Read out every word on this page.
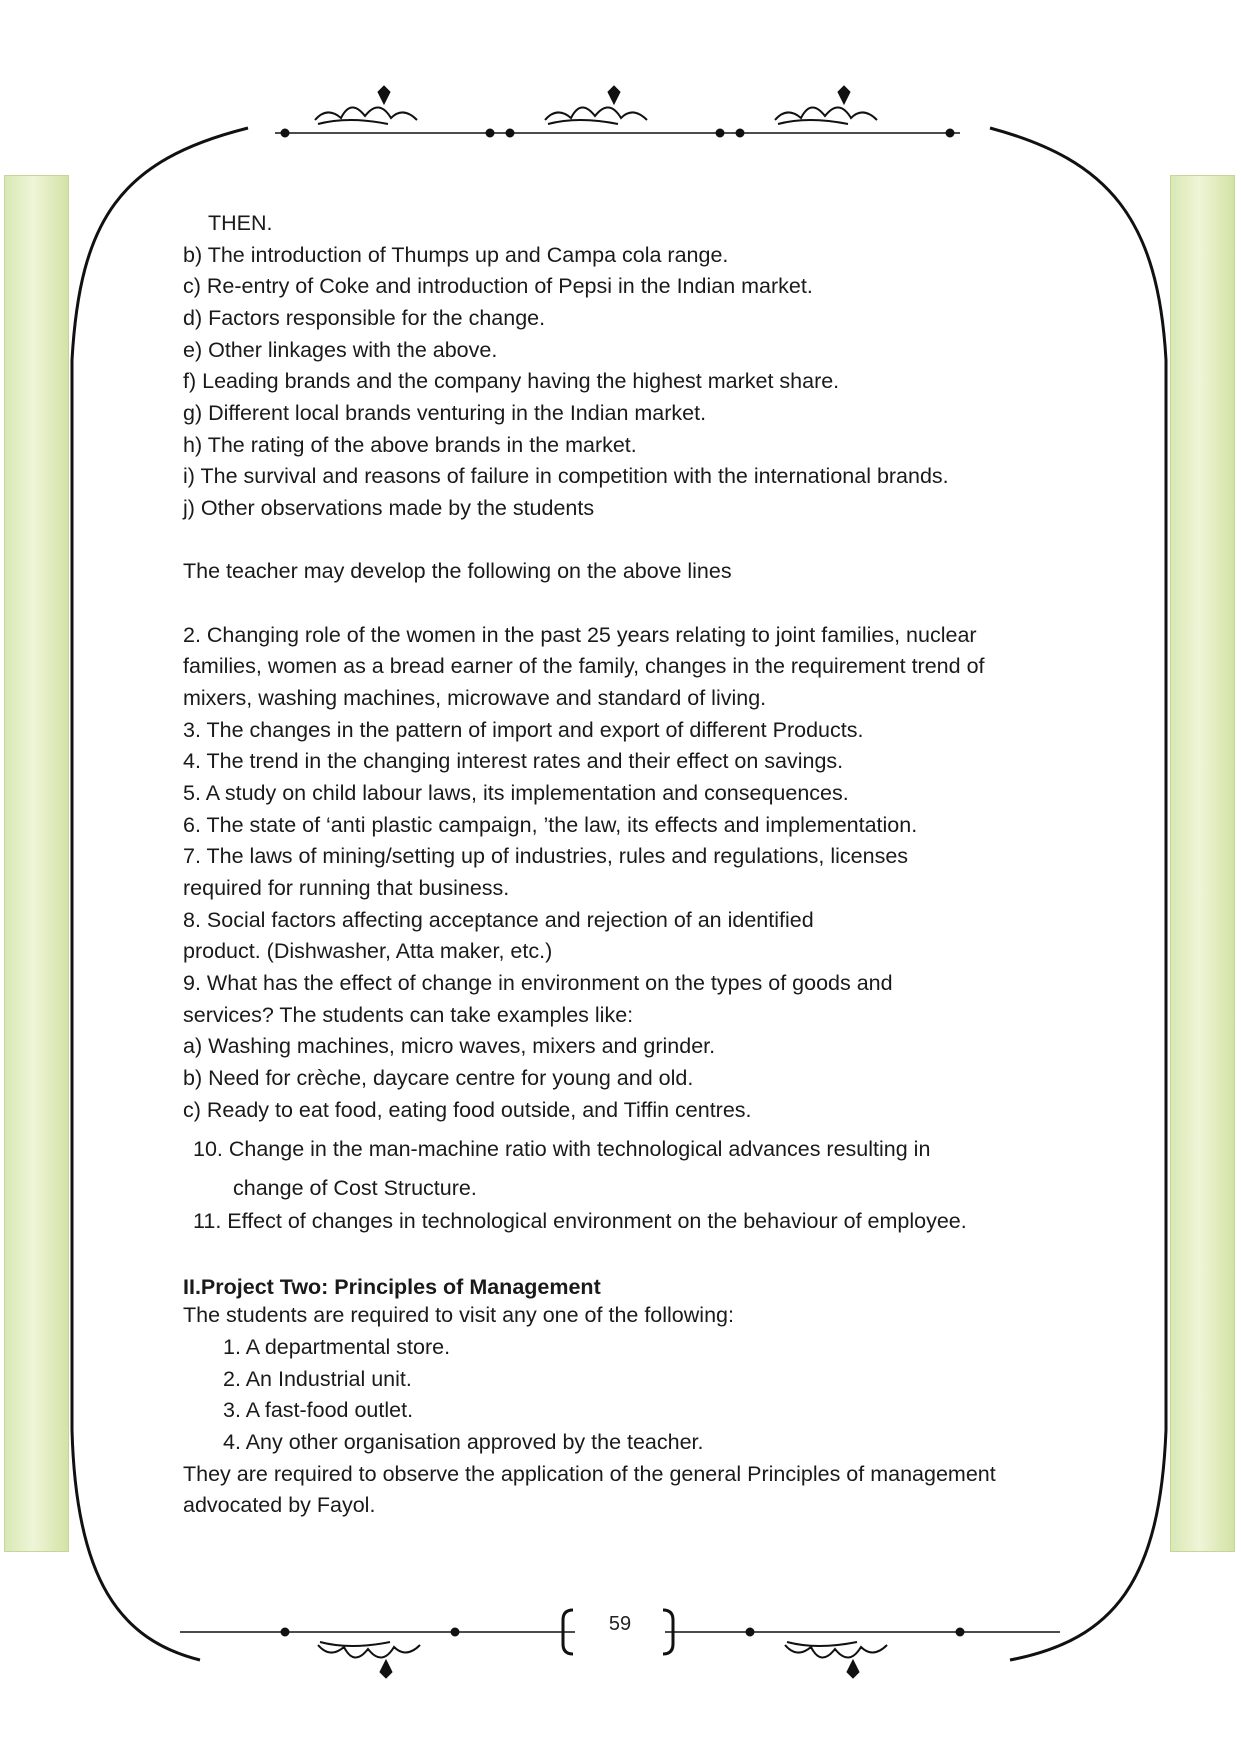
THEN.
b) The introduction of Thumps up and Campa cola range.
c) Re-entry of Coke and introduction of Pepsi in the Indian market.
d) Factors responsible for the change.
e) Other linkages with the above.
f) Leading brands and the company having the highest market share.
g) Different local brands venturing in the Indian market.
h) The rating of the above brands in the market.
i) The survival and reasons of failure in competition with the international brands.
j) Other observations made by the students
The teacher may develop the following on the above lines
2. Changing role of the women in the past 25 years relating to joint families, nuclear
families, women as a bread earner of the family, changes in the requirement trend of
mixers, washing machines, microwave and standard of living.
3. The changes in the pattern of import and export of different Products.
4. The trend in the changing interest rates and their effect on savings.
5. A study on child labour laws, its implementation and consequences.
6. The state of ‘anti plastic campaign, ’the law, its effects and implementation.
7. The laws of mining/setting up of industries, rules and regulations, licenses
required for running that business.
8. Social factors affecting acceptance and rejection of an identified
product. (Dishwasher, Atta maker, etc.)
9. What has the effect of change in environment on the types of goods and
services? The students can take examples like:
a) Washing machines, micro waves, mixers and grinder.
b) Need for crèche, daycare centre for young and old.
c) Ready to eat food, eating food outside, and Tiffin centres.
10. Change in the man-machine ratio with technological advances resulting in
change of Cost Structure.
11. Effect of changes in technological environment on the behaviour of employee.
II.Project Two: Principles of Management
The students are required to visit any one of the following:
1. A departmental store.
2. An Industrial unit.
3. A fast-food outlet.
4. Any other organisation approved by the teacher.
They are required to observe the application of the general Principles of management
advocated by Fayol.
59
